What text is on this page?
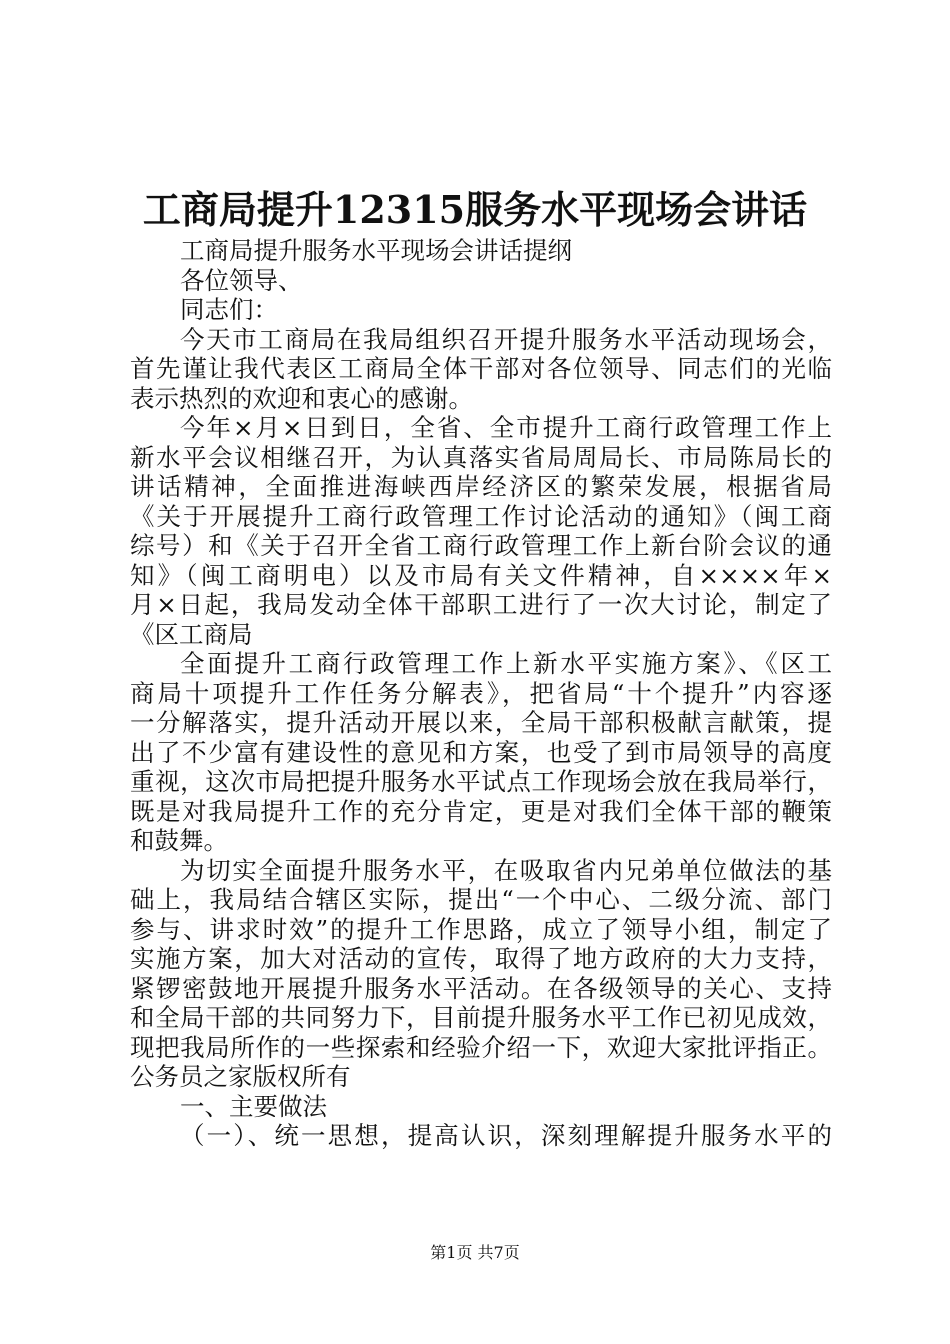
工商局提升12315服务水平现场会讲话
工商局提升服务水平现场会讲话提纲
各位领导、
同志们：
今天市工商局在我局组织召开提升服务水平活动现场会，
首先谨让我代表区工商局全体干部对各位领导、同志们的光临
表示热烈的欢迎和衷心的感谢。
今年×月×日到日，全省、全市提升工商行政管理工作上
新水平会议相继召开，为认真落实省局周局长、市局陈局长的
讲话精神，全面推进海峡西岸经济区的繁荣发展，根据省局
《关于开展提升工商行政管理工作讨论活动的通知》（闽工商
综号）和《关于召开全省工商行政管理工作上新台阶会议的通
知》（闽工商明电）以及市局有关文件精神，自××××年×
月×日起，我局发动全体干部职工进行了一次大讨论，制定了
《区工商局
全面提升工商行政管理工作上新水平实施方案》、《区工
商局十项提升工作任务分解表》，把省局“十个提升”内容逐
一分解落实，提升活动开展以来，全局干部积极献言献策，提
出了不少富有建设性的意见和方案，也受了到市局领导的高度
重视，这次市局把提升服务水平试点工作现场会放在我局举行，
既是对我局提升工作的充分肯定，更是对我们全体干部的鞭策
和鼓舞。
为切实全面提升服务水平，在吸取省内兄弟单位做法的基
础上，我局结合辖区实际，提出“一个中心、二级分流、部门
参与、讲求时效”的提升工作思路，成立了领导小组，制定了
实施方案，加大对活动的宣传，取得了地方政府的大力支持，
紧锣密鼓地开展提升服务水平活动。在各级领导的关心、支持
和全局干部的共同努力下，目前提升服务水平工作已初见成效，
现把我局所作的一些探索和经验介绍一下，欢迎大家批评指正。
公务员之家版权所有
一、主要做法
（一）、统一思想，提高认识，深刻理解提升服务水平的
第1页 共7页
